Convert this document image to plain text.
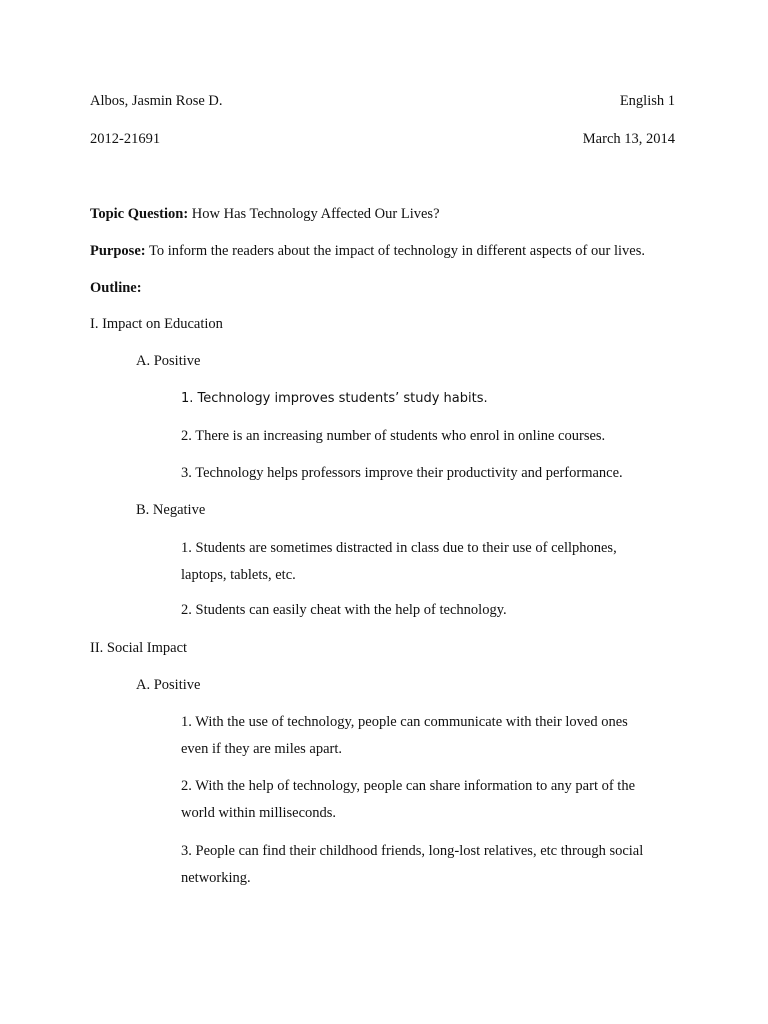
Albos, Jasmin Rose D.	English 1
2012-21691	March 13, 2014
Topic Question: How Has Technology Affected Our Lives?
Purpose: To inform the readers about the impact of technology in different aspects of our lives.
Outline:
I. Impact on Education
A. Positive
1. Technology improves students’ study habits.
2. There is an increasing number of students who enrol in online courses.
3. Technology helps professors improve their productivity and performance.
B. Negative
1. Students are sometimes distracted in class due to their use of cellphones,
laptops, tablets, etc.
2. Students can easily cheat with the help of technology.
II. Social Impact
A. Positive
1. With the use of technology, people can communicate with their loved ones
even if they are miles apart.
2. With the help of technology, people can share information to any part of the
world within milliseconds.
3. People can find their childhood friends, long-lost relatives, etc through social
networking.
